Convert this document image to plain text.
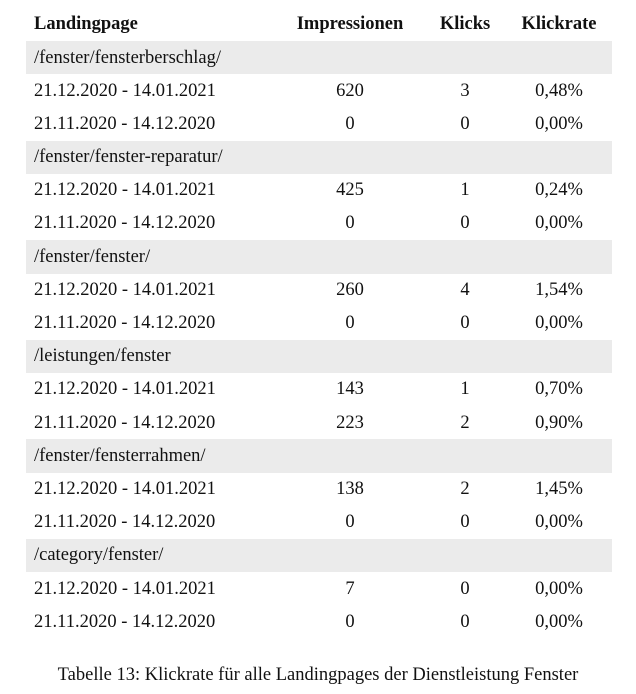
Landingpage	Impressionen	Klicks	Klickrate
/fenster/fensterberschlag/			
21.12.2020 - 14.01.2021	620	3	0,48%
21.11.2020 - 14.12.2020	0	0	0,00%
/fenster/fenster-reparatur/			
21.12.2020 - 14.01.2021	425	1	0,24%
21.11.2020 - 14.12.2020	0	0	0,00%
/fenster/fenster/			
21.12.2020 - 14.01.2021	260	4	1,54%
21.11.2020 - 14.12.2020	0	0	0,00%
/leistungen/fenster			
21.12.2020 - 14.01.2021	143	1	0,70%
21.11.2020 - 14.12.2020	223	2	0,90%
/fenster/fensterrahmen/			
21.12.2020 - 14.01.2021	138	2	1,45%
21.11.2020 - 14.12.2020	0	0	0,00%
/category/fenster/			
21.12.2020 - 14.01.2021	7	0	0,00%
21.11.2020 - 14.12.2020	0	0	0,00%
Tabelle 13: Klickrate für alle Landingpages der Dienstleistung Fenster
